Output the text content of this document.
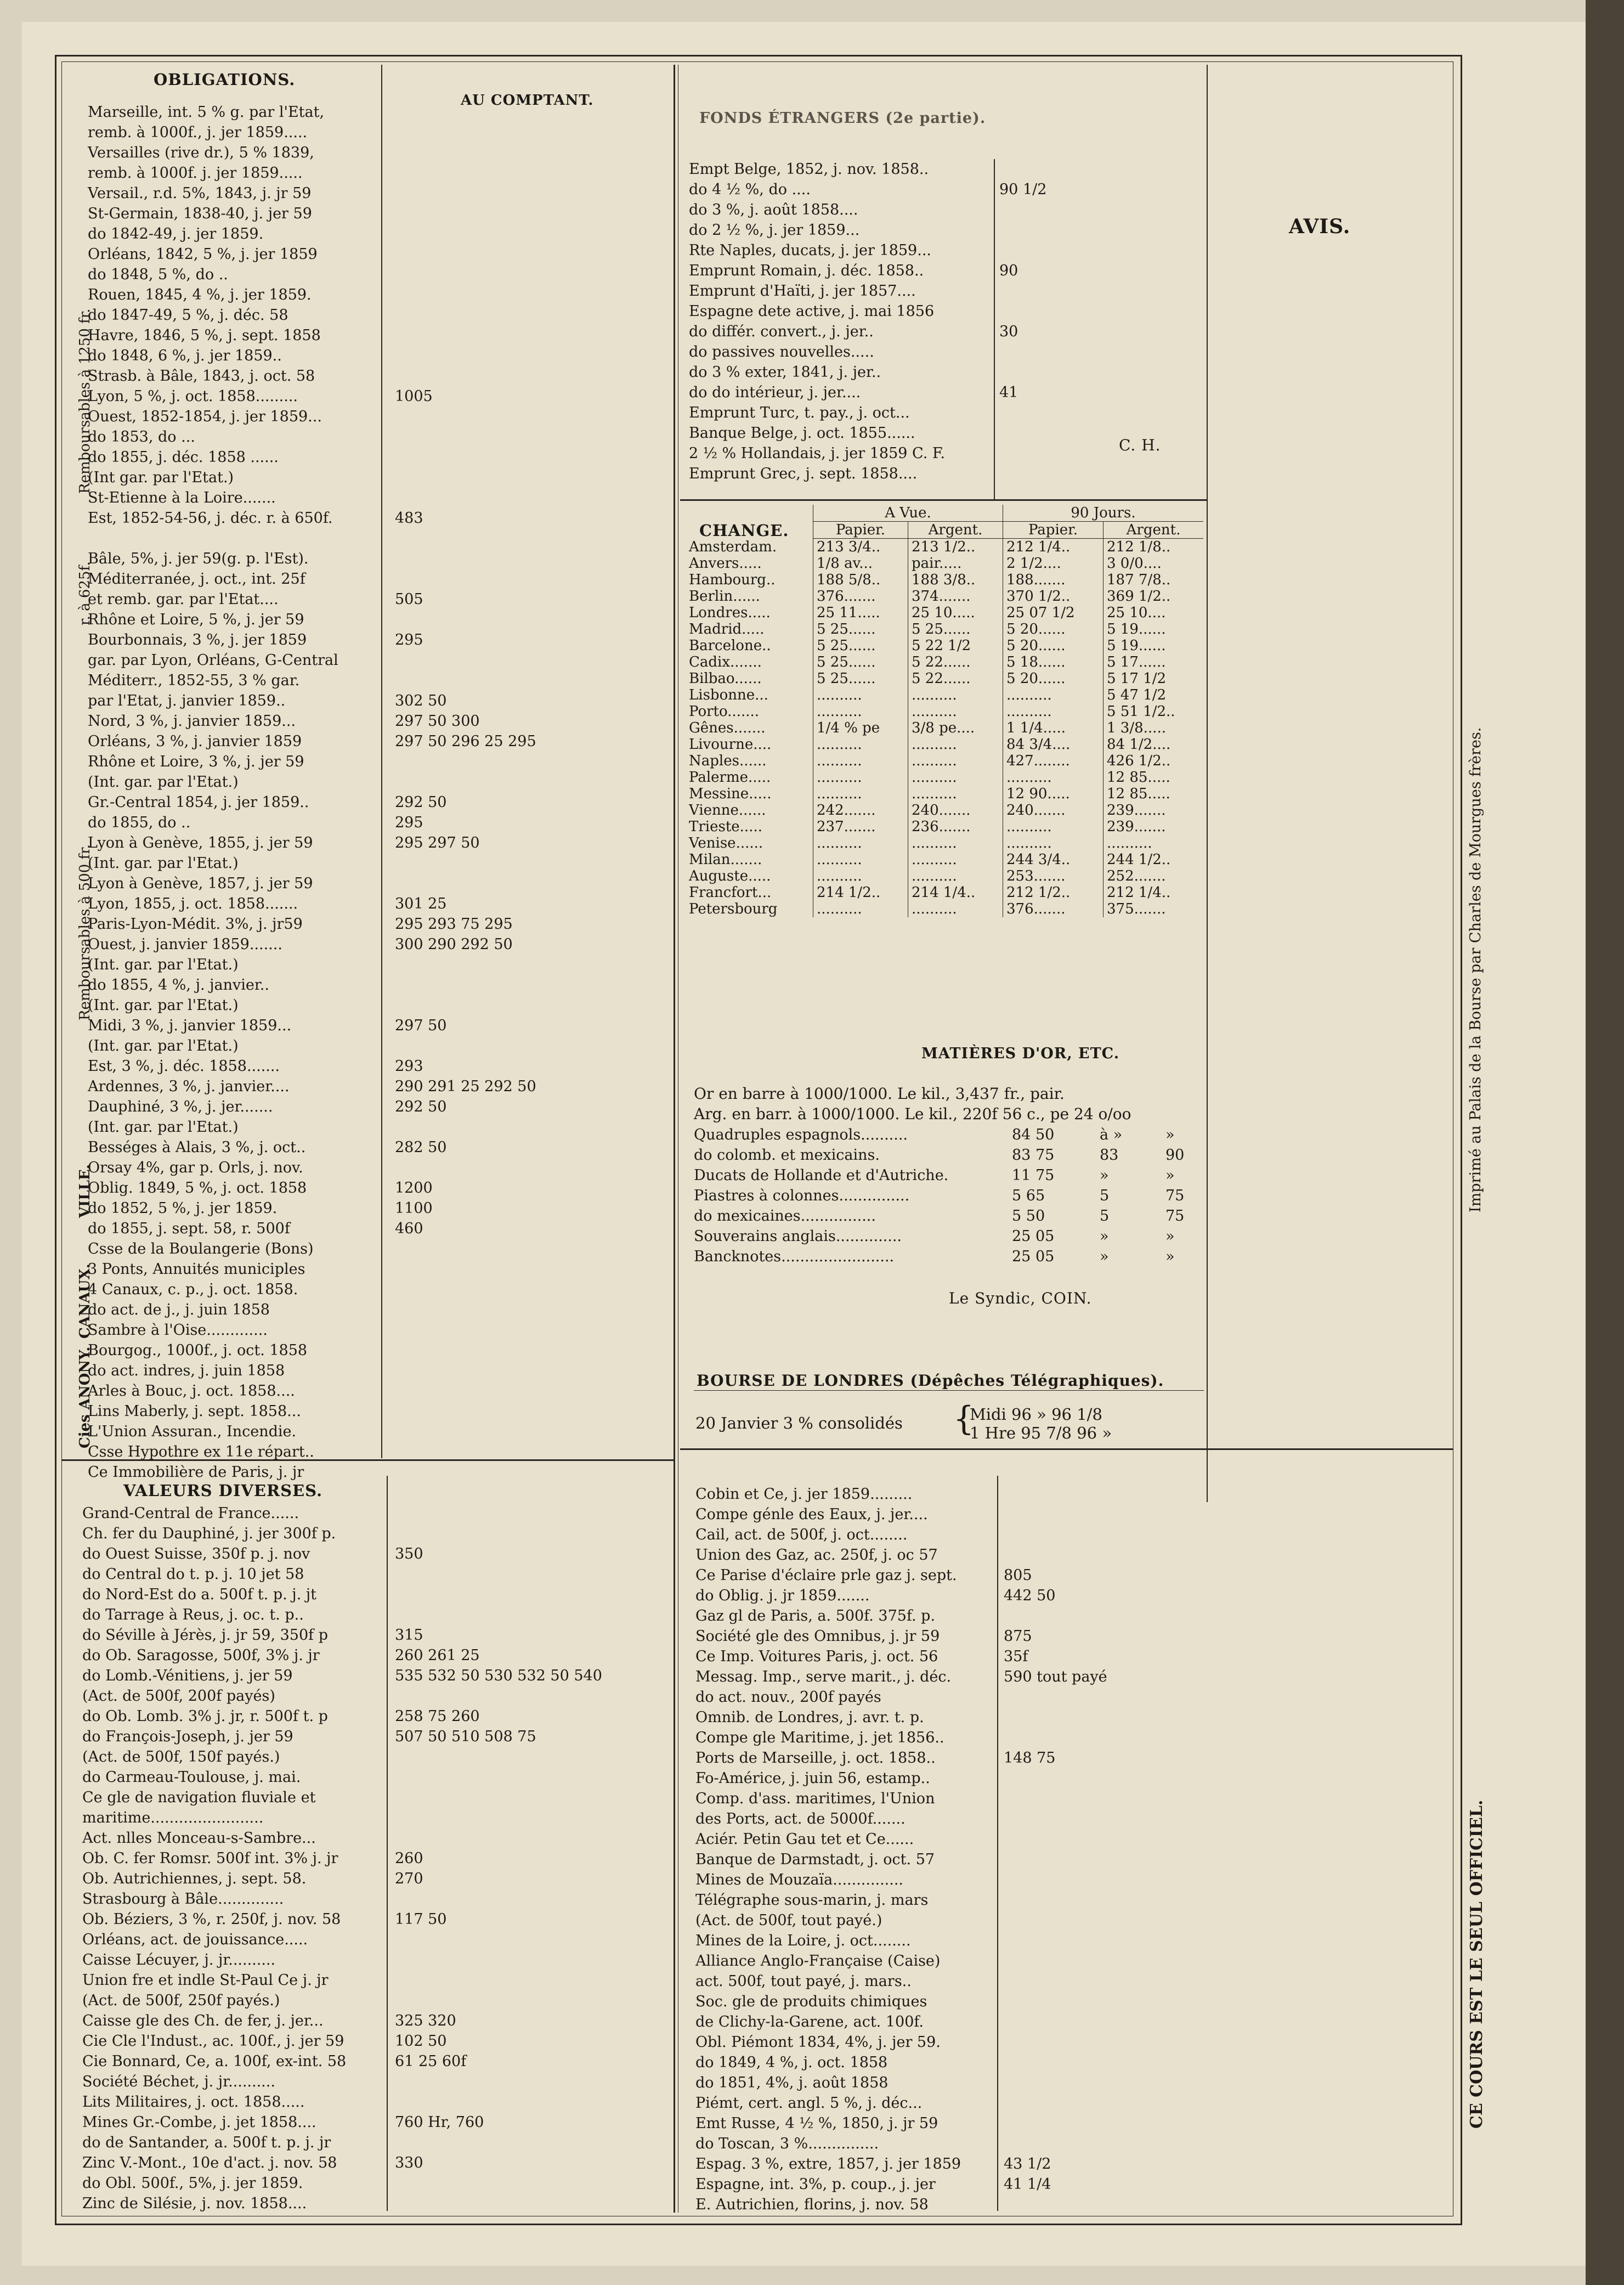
OBLIGATIONS.
AU COMPTANT.
Marseille, int. 5 % g. par l'Etat,
remb. à 1000f., j. jer 1859.....
Versailles (rive dr.), 5 % 1839,
remb. à 1000f. j. jer 1859.....
Versail., r.d. 5%, 1843, j. jr 59
St-Germain, 1838-40, j. jer 59
do 1842-49, j. jer 1859.
Orléans, 1842, 5 %, j. jer 1859
do 1848, 5 %, do ..
Rouen, 1845, 4 %, j. jer 1859.
do 1847-49, 5 %, j. déc. 58
Havre, 1846, 5 %, j. sept. 1858
do 1848, 6 %, j. jer 1859..
Strasb. à Bâle, 1843, j. oct. 58
Lyon, 5 %, j. oct. 1858.........	1005
Ouest, 1852-1854, j. jer 1859...
do 1853, do ...
do 1855, j. déc. 1858 ......
(Int gar. par l'Etat.)
St-Etienne à la Loire.......
Est, 1852-54-56, j. déc. r. à 650f.	483
Bâle, 5%, j. jer 59(g. p. l'Est).
Méditerranée, j. oct., int. 25f
et remb. gar. par l'Etat....	505
Rhône et Loire, 5 %, j. jer 59
Bourbonnais, 3 %, j. jer 1859	295
gar. par Lyon, Orléans, G-Central
Méditerr., 1852-55, 3 % gar.
par l'Etat, j. janvier 1859..	302 50
Nord, 3 %, j. janvier 1859...	297 50 300
Orléans, 3 %, j. janvier 1859	297 50 296 25 295
Rhône et Loire, 3 %, j. jer 59
(Int. gar. par l'Etat.)
Gr.-Central 1854, j. jer 1859..	292 50
do 1855, do ..	295
Lyon à Genève, 1855, j. jer 59	295 297 50
(Int. gar. par l'Etat.)
Lyon à Genève, 1857, j. jer 59
Lyon, 1855, j. oct. 1858.......	301 25
Paris-Lyon-Médit. 3%, j. jr59	295 293 75 295
Ouest, j. janvier 1859.......	300 290 292 50
(Int. gar. par l'Etat.)
do 1855, 4 %, j. janvier..
(Int. gar. par l'Etat.)
Midi, 3 %, j. janvier 1859...	297 50
(Int. gar. par l'Etat.)
Est, 3 %, j. déc. 1858.......	293
Ardennes, 3 %, j. janvier....	290 291 25 292 50
Dauphiné, 3 %, j. jer.......	292 50
(Int. gar. par l'Etat.)
Bességes à Alais, 3 %, j. oct..	282 50
Orsay 4%, gar p. Orls, j. nov.
Oblig. 1849, 5 %, j. oct. 1858	1200
do 1852, 5 %, j. jer 1859.	1100
do 1855, j. sept. 58, r. 500f	460
Csse de la Boulangerie (Bons)
3 Ponts, Annuités municiples
4 Canaux, c. p., j. oct. 1858.
do act. de j., j. juin 1858
Sambre à l'Oise.............
Bourgog., 1000f., j. oct. 1858
do act. indres, j. juin 1858
Arles à Bouc, j. oct. 1858....
Lins Maberly, j. sept. 1858...
L'Union Assuran., Incendie.
Csse Hypothre ex 11e répart..
Ce Immobilière de Paris, j. jr
Remboursables à 1250 fr.
r. à 625f.
Remboursables à 500 fr.
VILLE.
CANAUX.
Cies ANONY.
FONDS ÉTRANGERS (2e partie).
Empt Belge, 1852, j. nov. 1858..
do 4 ½ %, do ....	90 1/2
do 3 %, j. août 1858....
do 2 ½ %, j. jer 1859...
Rte Naples, ducats, j. jer 1859...
Emprunt Romain, j. déc. 1858..	90
Emprunt d'Haïti, j. jer 1857....
Espagne dete active, j. mai 1856
do différ. convert., j. jer..	30
do passives nouvelles.....
do 3 % exter, 1841, j. jer..
do do intérieur, j. jer....	41
Emprunt Turc, t. pay., j. oct...
Banque Belge, j. oct. 1855......
2 ½ % Hollandais, j. jer 1859 C. F.
Emprunt Grec, j. sept. 1858....
AVIS.
C. H.
CHANGE.
	A Vue.		90 Jours.	
	Papier.	Argent.	Papier.	Argent.
Amsterdam.	213 3/4..	213 1/2..	212 1/4..	212 1/8..
Anvers.....	1/8 av...	pair.....	2 1/2....	3 0/0....
Hambourg..	188 5/8..	188 3/8..	188.......	187 7/8..
Berlin......	376.......	374.......	370 1/2..	369 1/2..
Londres.....	25 11.....	25 10.....	25 07 1/2	25 10....
Madrid.....	5 25......	5 25......	5 20......	5 19......
Barcelone..	5 25......	5 22 1/2	5 20......	5 19......
Cadix.......	5 25......	5 22......	5 18......	5 17......
Bilbao......	5 25......	5 22......	5 20......	5 17 1/2
Lisbonne...	..........	..........	..........	5 47 1/2
Porto.......	..........	..........	..........	5 51 1/2..
Gênes.......	1/4 % pe	3/8 pe....	1 1/4.....	1 3/8.....
Livourne....	..........	..........	84 3/4....	84 1/2....
Naples......	..........	..........	427........	426 1/2..
Palerme.....	..........	..........	..........	12 85.....
Messine.....	..........	..........	12 90.....	12 85.....
Vienne......	242.......	240.......	240.......	239.......
Trieste.....	237.......	236.......	..........	239.......
Venise......	..........	..........	..........	..........
Milan.......	..........	..........	244 3/4..	244 1/2..
Auguste.....	..........	..........	253.......	252.......
Francfort...	214 1/2..	214 1/4..	212 1/2..	212 1/4..
Petersbourg	..........	..........	376.......	375.......
MATIÈRES D'OR, ETC.
Or en barre à 1000/1000. Le kil., 3,437 fr., pair.
Arg. en barr. à 1000/1000. Le kil., 220f 56 c., pe 24 o/oo
Quadruples espagnols..........	84 50	à »	»
do colomb. et mexicains.	83 75	83	90
Ducats de Hollande et d'Autriche.	11 75	»	»
Piastres à colonnes...............	5 65	5	75
do mexicaines................	5 50	5	75
Souverains anglais..............	25 05	»	»
Bancknotes........................	25 05	»	»
Le Syndic, COIN.
BOURSE DE LONDRES (Dépêches Télégraphiques).
20 Janvier 3 % consolidés {
Midi 96 » 96 1/8
1 Hre 95 7/8 96 »
VALEURS DIVERSES.
Grand-Central de France......
Ch. fer du Dauphiné, j. jer 300f p.
do Ouest Suisse, 350f p. j. nov	350
do Central do t. p. j. 10 jet 58
do Nord-Est do a. 500f t. p. j. jt
do Tarrage à Reus, j. oc. t. p..
do Séville à Jérès, j. jr 59, 350f p	315
do Ob. Saragosse, 500f, 3% j. jr	260 261 25
do Lomb.-Vénitiens, j. jer 59	535 532 50 530 532 50 540
(Act. de 500f, 200f payés)
do Ob. Lomb. 3% j. jr, r. 500f t. p	258 75 260
do François-Joseph, j. jer 59	507 50 510 508 75
(Act. de 500f, 150f payés.)
do Carmeau-Toulouse, j. mai.
Ce gle de navigation fluviale et
maritime........................
Act. nlles Monceau-s-Sambre...
Ob. C. fer Romsr. 500f int. 3% j. jr	260
Ob. Autrichiennes, j. sept. 58.	270
Strasbourg à Bâle..............
Ob. Béziers, 3 %, r. 250f, j. nov. 58	117 50
Orléans, act. de jouissance.....
Caisse Lécuyer, j. jr..........
Union fre et indle St-Paul Ce j. jr
(Act. de 500f, 250f payés.)
Caisse gle des Ch. de fer, j. jer...	325 320
Cie Cle l'Indust., ac. 100f., j. jer 59	102 50
Cie Bonnard, Ce, a. 100f, ex-int. 58	61 25 60f
Société Béchet, j. jr..........
Lits Militaires, j. oct. 1858.....
Mines Gr.-Combe, j. jet 1858....	760 Hr, 760
do de Santander, a. 500f t. p. j. jr
Zinc V.-Mont., 10e d'act. j. nov. 58	330
do Obl. 500f., 5%, j. jer 1859.
Zinc de Silésie, j. nov. 1858....
Cobin et Ce, j. jer 1859.........
Compe génle des Eaux, j. jer....
Cail, act. de 500f, j. oct........
Union des Gaz, ac. 250f, j. oc 57
Ce Parise d'éclaire prle gaz j. sept.	805
do Oblig. j. jr 1859.......	442 50
Gaz gl de Paris, a. 500f. 375f. p.
Société gle des Omnibus, j. jr 59	875
Ce Imp. Voitures Paris, j. oct. 56	35f
Messag. Imp., serve marit., j. déc.	590 tout payé
do act. nouv., 200f payés
Omnib. de Londres, j. avr. t. p.
Compe gle Maritime, j. jet 1856..
Ports de Marseille, j. oct. 1858..	148 75
Fo-Américe, j. juin 56, estamp..
Comp. d'ass. maritimes, l'Union
des Ports, act. de 5000f.......
Aciér. Petin Gau tet et Ce......
Banque de Darmstadt, j. oct. 57
Mines de Mouzaïa...............
Télégraphe sous-marin, j. mars
(Act. de 500f, tout payé.)
Mines de la Loire, j. oct........
Alliance Anglo-Française (Caise)
act. 500f, tout payé, j. mars..
Soc. gle de produits chimiques
de Clichy-la-Garene, act. 100f.
Obl. Piémont 1834, 4%, j. jer 59.
do 1849, 4 %, j. oct. 1858
do 1851, 4%, j. août 1858
Piémt, cert. angl. 5 %, j. déc...
Emt Russe, 4 ½ %, 1850, j. jr 59
do Toscan, 3 %...............
Espag. 3 %, extre, 1857, j. jer 1859	43 1/2
Espagne, int. 3%, p. coup., j. jer	41 1/4
E. Autrichien, florins, j. nov. 58
Imprimé au Palais de la Bourse par Charles de Mourgues frères.
CE COURS EST LE SEUL OFFICIEL.
